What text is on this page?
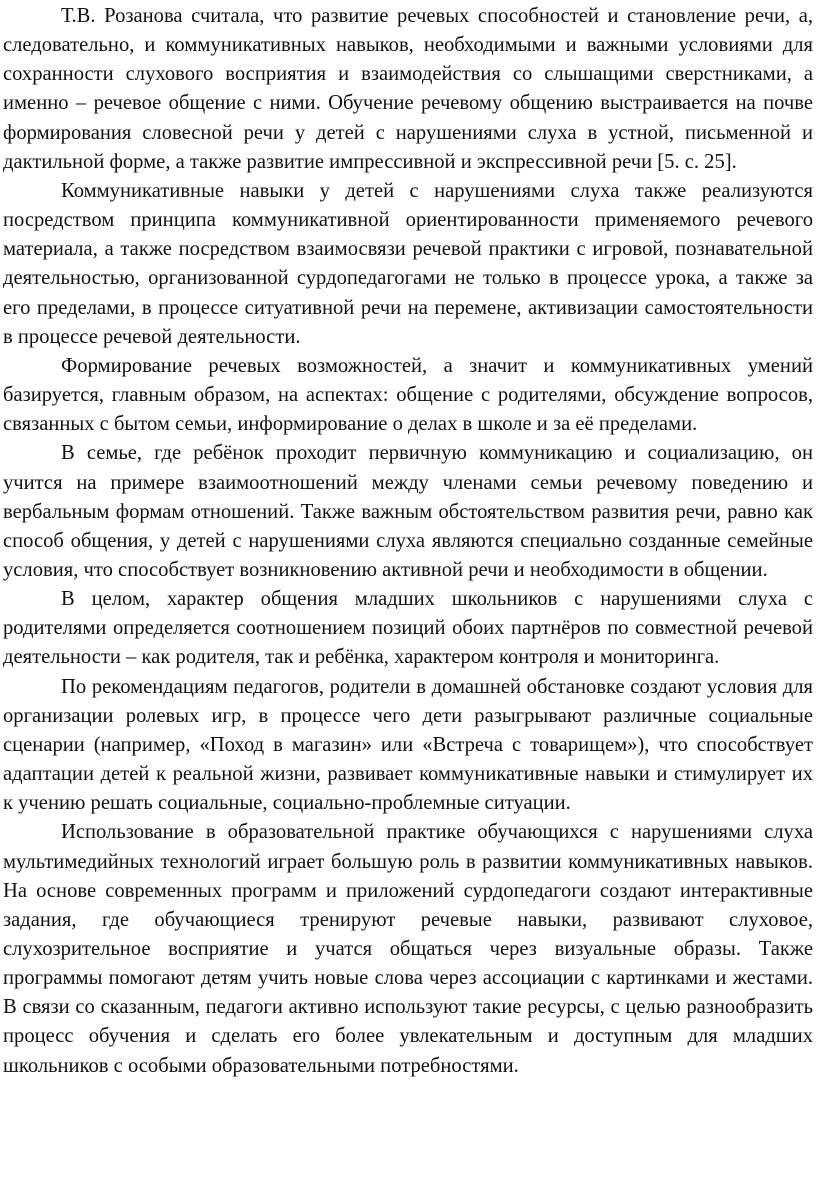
Т.В. Розанова считала, что развитие речевых способностей и становление речи, а, следовательно, и коммуникативных навыков, необходимыми и важными условиями для сохранности слухового восприятия и взаимодействия со слышащими сверстниками, а именно – речевое общение с ними. Обучение речевому общению выстраивается на почве формирования словесной речи у детей с нарушениями слуха в устной, письменной и дактильной форме, а также развитие импрессивной и экспрессивной речи [5. с. 25].

Коммуникативные навыки у детей с нарушениями слуха также реализуются посредством принципа коммуникативной ориентированности применяемого речевого материала, а также посредством взаимосвязи речевой практики с игровой, познавательной деятельностью, организованной сурдопедагогами не только в процессе урока, а также за его пределами, в процессе ситуативной речи на перемене, активизации самостоятельности в процессе речевой деятельности.

Формирование речевых возможностей, а значит и коммуникативных умений базируется, главным образом, на аспектах: общение с родителями, обсуждение вопросов, связанных с бытом семьи, информирование о делах в школе и за её пределами.

В семье, где ребёнок проходит первичную коммуникацию и социализацию, он учится на примере взаимоотношений между членами семьи речевому поведению и вербальным формам отношений. Также важным обстоятельством развития речи, равно как способ общения, у детей с нарушениями слуха являются специально созданные семейные условия, что способствует возникновению активной речи и необходимости в общении.

В целом, характер общения младших школьников с нарушениями слуха с родителями определяется соотношением позиций обоих партнёров по совместной речевой деятельности – как родителя, так и ребёнка, характером контроля и мониторинга.

По рекомендациям педагогов, родители в домашней обстановке создают условия для организации ролевых игр, в процессе чего дети разыгрывают различные социальные сценарии (например, «Поход в магазин» или «Встреча с товарищем»), что способствует адаптации детей к реальной жизни, развивает коммуникативные навыки и стимулирует их к учению решать социальные, социально-проблемные ситуации.

Использование в образовательной практике обучающихся с нарушениями слуха мультимедийных технологий играет большую роль в развитии коммуникативных навыков. На основе современных программ и приложений сурдопедагоги создают интерактивные задания, где обучающиеся тренируют речевые навыки, развивают слуховое, слухозрительное восприятие и учатся общаться через визуальные образы. Также программы помогают детям учить новые слова через ассоциации с картинками и жестами. В связи со сказанным, педагоги активно используют такие ресурсы, с целью разнообразить процесс обучения и сделать его более увлекательным и доступным для младших школьников с особыми образовательными потребностями.
